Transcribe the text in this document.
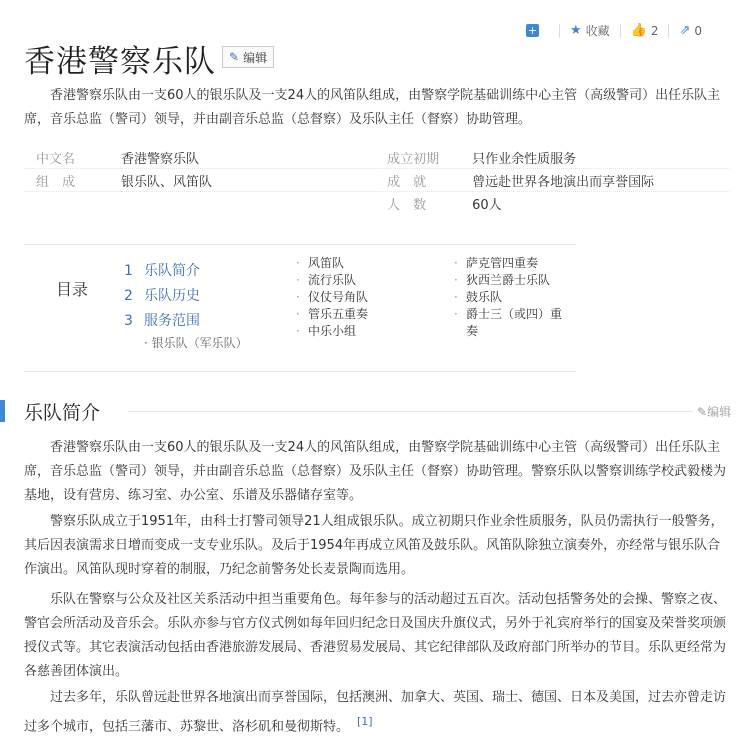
+	★ 收藏 👍 2 ⇗ 0
香港警察乐队 ✎ 编辑

香港警察乐队由一支60人的银乐队及一支24人的风笛队组成，由警察学院基础训练中心主管（高级警司）出任乐队主席，音乐总监（警司）领导，并由副音乐总监（总督察）及乐队主任（督察）协助管理。

中文名	香港警察乐队	成立初期	只作业余性质服务
组　成	银乐队、风笛队	成　就	曾远赴世界各地演出而享誉国际
		人　数	60人
目录
1 乐队简介
2 乐队历史
3 服务范围
· 银乐队（军乐队）
· 风笛队
· 流行乐队
· 仪仗号角队
· 管乐五重奏
· 中乐小组
· 萨克管四重奏
· 狄西兰爵士乐队
· 鼓乐队
· 爵士三（或四）重奏
乐队简介	✎编辑

香港警察乐队由一支60人的银乐队及一支24人的风笛队组成，由警察学院基础训练中心主管（高级警司）出任乐队主席，音乐总监（警司）领导，并由副音乐总监（总督察）及乐队主任（督察）协助管理。警察乐队以警察训练学校武毅楼为基地，设有营房、练习室、办公室、乐谱及乐器储存室等。

警察乐队成立于1951年，由科士打警司领导21人组成银乐队。成立初期只作业余性质服务，队员仍需执行一般警务，其后因表演需求日增而变成一支专业乐队。及后于1954年再成立风笛及鼓乐队。风笛队除独立演奏外，亦经常与银乐队合作演出。风笛队现时穿着的制服，乃纪念前警务处长麦景陶而选用。

乐队在警察与公众及社区关系活动中担当重要角色。每年参与的活动超过五百次。活动包括警务处的会操、警察之夜、警官会所活动及音乐会。乐队亦参与官方仪式例如每年回归纪念日及国庆升旗仪式，另外于礼宾府举行的国宴及荣誉奖项颁授仪式等。其它表演活动包括由香港旅游发展局、香港贸易发展局、其它纪律部队及政府部门所举办的节目。乐队更经常为各慈善团体演出。

过去多年，乐队曾远赴世界各地演出而享誉国际，包括澳洲、加拿大、英国、瑞士、德国、日本及美国，过去亦曾走访过多个城市，包括三藩市、苏黎世、洛杉矶和曼彻斯特。 [1]
